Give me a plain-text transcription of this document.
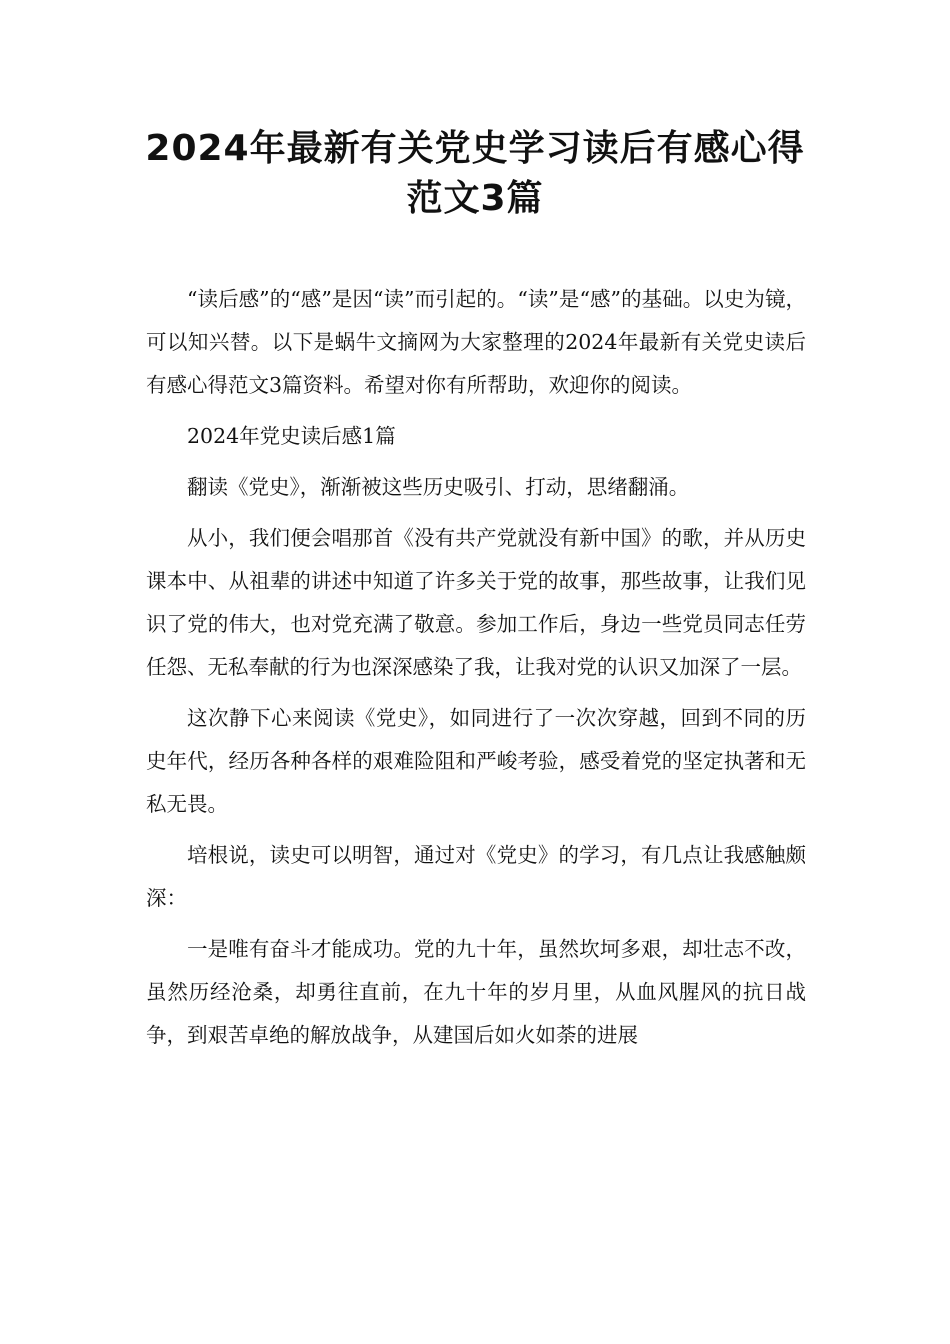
2024年最新有关党史学习读后有感心得
范文3篇

“读后感”的“感”是因“读”而引起的。“读”是“感”的基础。以史为镜，可以知兴替。以下是蜗牛文摘网为大家整理的2024年最新有关党史读后有感心得范文3篇资料。希望对你有所帮助，欢迎你的阅读。

2024年党史读后感1篇

翻读《党史》，渐渐被这些历史吸引、打动，思绪翻涌。

从小，我们便会唱那首《没有共产党就没有新中国》的歌，并从历史课本中、从祖辈的讲述中知道了许多关于党的故事，那些故事，让我们见识了党的伟大，也对党充满了敬意。参加工作后，身边一些党员同志任劳任怨、无私奉献的行为也深深感染了我，让我对党的认识又加深了一层。

这次静下心来阅读《党史》，如同进行了一次次穿越，回到不同的历史年代，经历各种各样的艰难险阻和严峻考验，感受着党的坚定执著和无私无畏。

培根说，读史可以明智，通过对《党史》的学习，有几点让我感触颇深：

一是唯有奋斗才能成功。党的九十年，虽然坎坷多艰，却壮志不改，虽然历经沧桑，却勇往直前，在九十年的岁月里，从血风腥风的抗日战争，到艰苦卓绝的解放战争，从建国后如火如荼的进展
